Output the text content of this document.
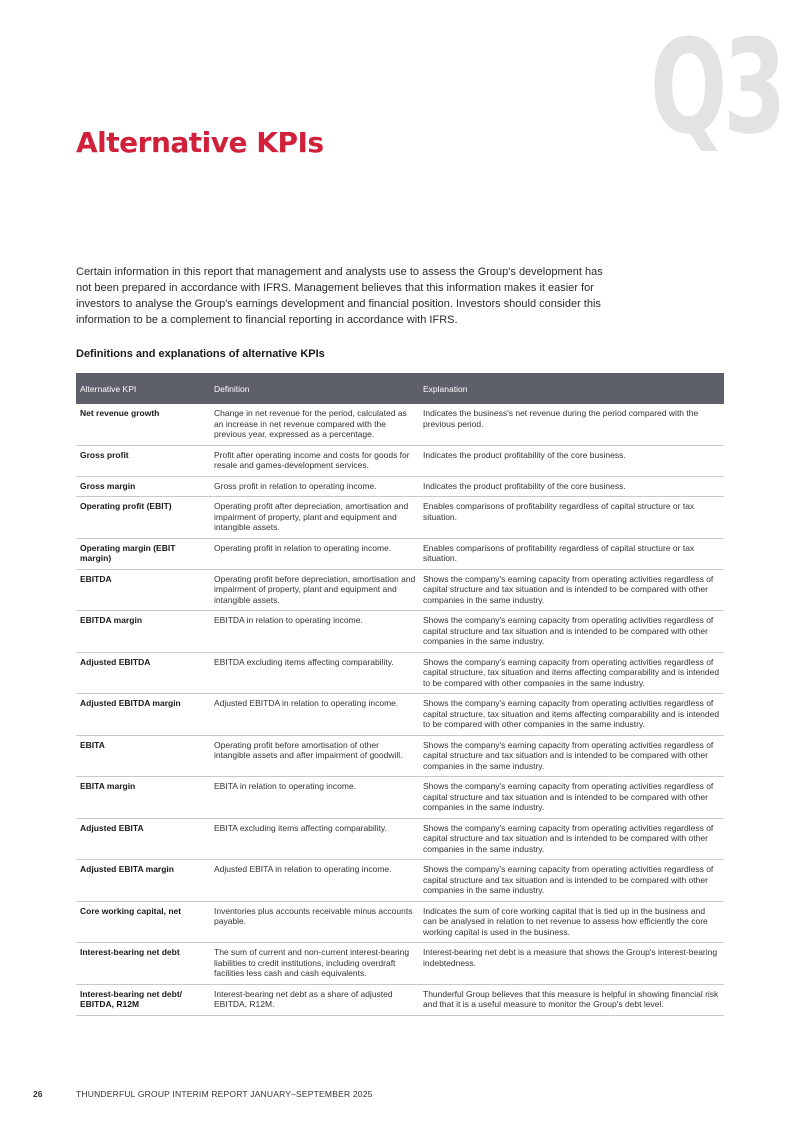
Q3
Alternative KPIs

Certain information in this report that management and analysts use to assess the Group's development has not been prepared in accordance with IFRS. Management believes that this information makes it easier for investors to analyse the Group's earnings development and financial position. Investors should consider this information to be a complement to financial reporting in accordance with IFRS.

Definitions and explanations of alternative KPIs
Alternative KPI	Definition	Explanation
Net revenue growth	Change in net revenue for the period, calculated as an increase in net revenue compared with the previous year, expressed as a percentage.	Indicates the business's net revenue during the period compared with the previous period.
Gross profit	Profit after operating income and costs for goods for resale and games-development services.	Indicates the product profitability of the core business.
Gross margin	Gross profit in relation to operating income.	Indicates the product profitability of the core business.
Operating profit (EBIT)	Operating profit after depreciation, amortisation and impairment of property, plant and equipment and intangible assets.	Enables comparisons of profitability regardless of capital structure or tax situation.
Operating margin (EBIT margin)	Operating profit in relation to operating income.	Enables comparisons of profitability regardless of capital structure or tax situation.
EBITDA	Operating profit before depreciation, amortisation and impairment of property, plant and equipment and intangible assets.	Shows the company's earning capacity from operating activities regardless of capital structure and tax situation and is intended to be compared with other companies in the same industry.
EBITDA margin	EBITDA in relation to operating income.	Shows the company's earning capacity from operating activities regardless of capital structure and tax situation and is intended to be compared with other companies in the same industry.
Adjusted EBITDA	EBITDA excluding items affecting comparability.	Shows the company's earning capacity from operating activities regardless of capital structure, tax situation and items affecting comparability and is intended to be compared with other companies in the same industry.
Adjusted EBITDA margin	Adjusted EBITDA in relation to operating income.	Shows the company's earning capacity from operating activities regardless of capital structure, tax situation and items affecting comparability and is intended to be compared with other companies in the same industry.
EBITA	Operating profit before amortisation of other intangible assets and after impairment of goodwill.	Shows the company's earning capacity from operating activities regardless of capital structure and tax situation and is intended to be compared with other companies in the same industry.
EBITA margin	EBITA in relation to operating income.	Shows the company's earning capacity from operating activities regardless of capital structure and tax situation and is intended to be compared with other companies in the same industry.
Adjusted EBITA	EBITA excluding items affecting comparability.	Shows the company's earning capacity from operating activities regardless of capital structure and tax situation and is intended to be compared with other companies in the same industry.
Adjusted EBITA margin	Adjusted EBITA in relation to operating income.	Shows the company's earning capacity from operating activities regardless of capital structure and tax situation and is intended to be compared with other companies in the same industry.
Core working capital, net	Inventories plus accounts receivable minus accounts payable.	Indicates the sum of core working capital that is tied up in the business and can be analysed in relation to net revenue to assess how efficiently the core working capital is used in the business.
Interest-bearing net debt	The sum of current and non-current interest-bearing liabilities to credit institutions, including overdraft facilities less cash and cash equivalents.	Interest-bearing net debt is a measure that shows the Group's interest-bearing indebtedness.
Interest-bearing net debt/ EBITDA, R12M	Interest-bearing net debt as a share of adjusted EBITDA, R12M.	Thunderful Group believes that this measure is helpful in showing financial risk and that it is a useful measure to monitor the Group's debt level.
26	THUNDERFUL GROUP INTERIM REPORT JANUARY–SEPTEMBER 2025
